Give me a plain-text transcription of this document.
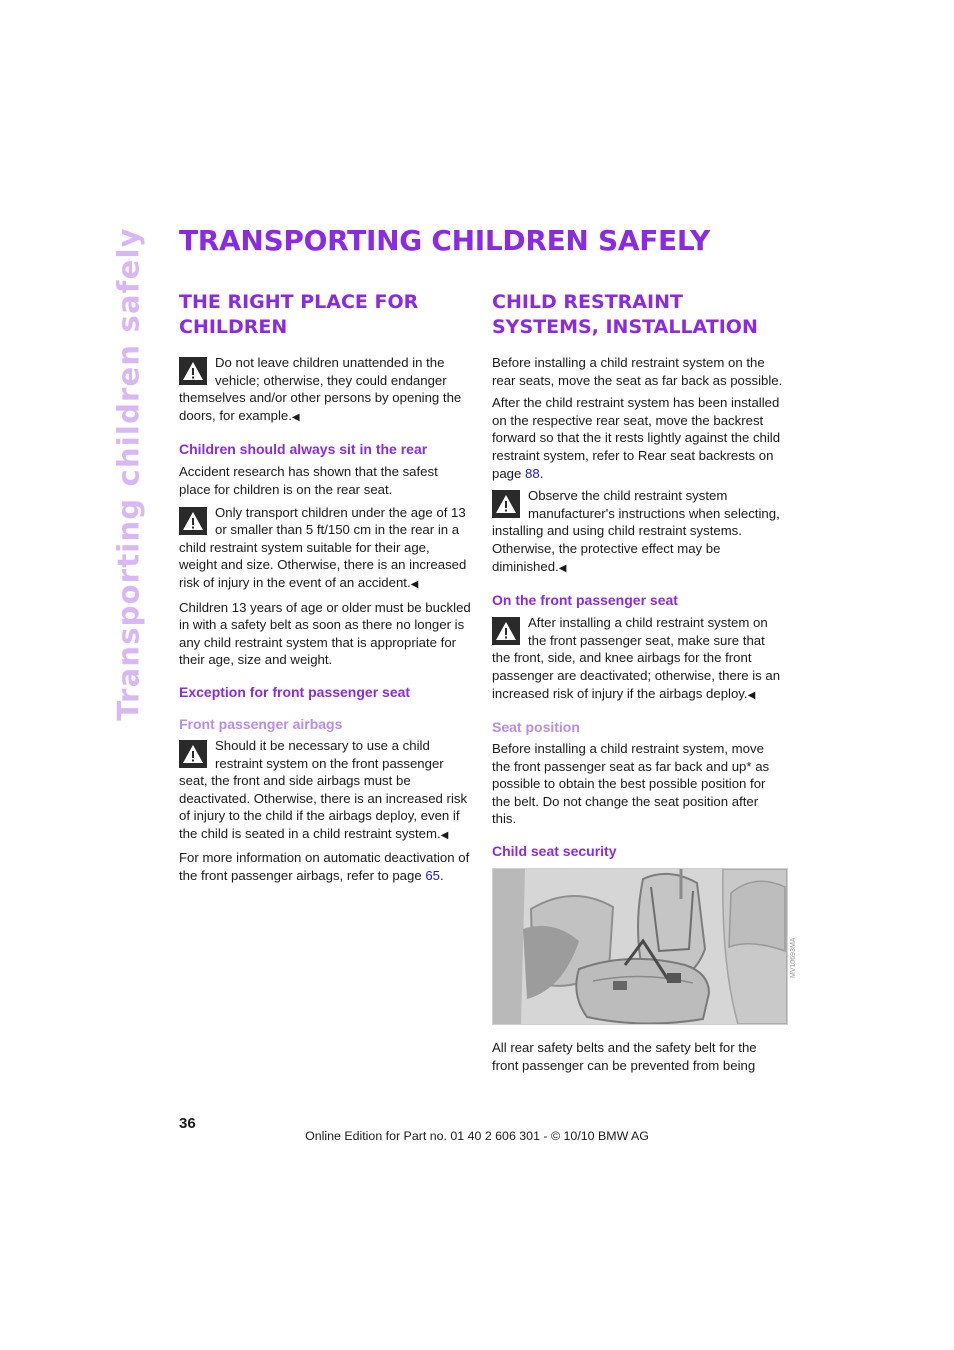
Transporting children safely TRANSPORTING CHILDREN SAFELY
THE RIGHT PLACE FOR CHILDREN
Do not leave children unattended in the vehicle; otherwise, they could endanger themselves and/or other persons by opening the doors, for example.◀
Children should always sit in the rear

Accident research has shown that the safest place for children is on the rear seat.

Only transport children under the age of 13 or smaller than 5 ft/150 cm in the rear in a child restraint system suitable for their age, weight and size. Otherwise, there is an increased risk of injury in the event of an accident.◀

Children 13 years of age or older must be buckled in with a safety belt as soon as there no longer is any child restraint system that is appropriate for their age, size and weight.

Exception for front passenger seat
Front passenger airbags
Should it be necessary to use a child restraint system on the front passenger seat, the front and side airbags must be deactivated. Otherwise, there is an increased risk of injury to the child if the airbags deploy, even if the child is seated in a child restraint system.◀

For more information on automatic deactivation of the front passenger airbags, refer to page 65.

CHILD RESTRAINT SYSTEMS, INSTALLATION

Before installing a child restraint system on the rear seats, move the seat as far back as possible.

After the child restraint system has been installed on the respective rear seat, move the backrest forward so that the it rests lightly against the child restraint system, refer to Rear seat backrests on page 88.

Observe the child restraint system manufacturer's instructions when selecting, installing and using child restraint systems. Otherwise, the protective effect may be diminished.◀
On the front passenger seat
After installing a child restraint system on the front passenger seat, make sure that the front, side, and knee airbags for the front passenger are deactivated; otherwise, there is an increased risk of injury if the airbags deploy.◀
Seat position

Before installing a child restraint system, move the front passenger seat as far back and up* as possible to obtain the best possible position for the belt. Do not change the seat position after this.

Child seat security

All rear safety belts and the safety belt for the front passenger can be prevented from being

MV10693MA
36
Online Edition for Part no. 01 40 2 606 301 - © 10/10 BMW AG
